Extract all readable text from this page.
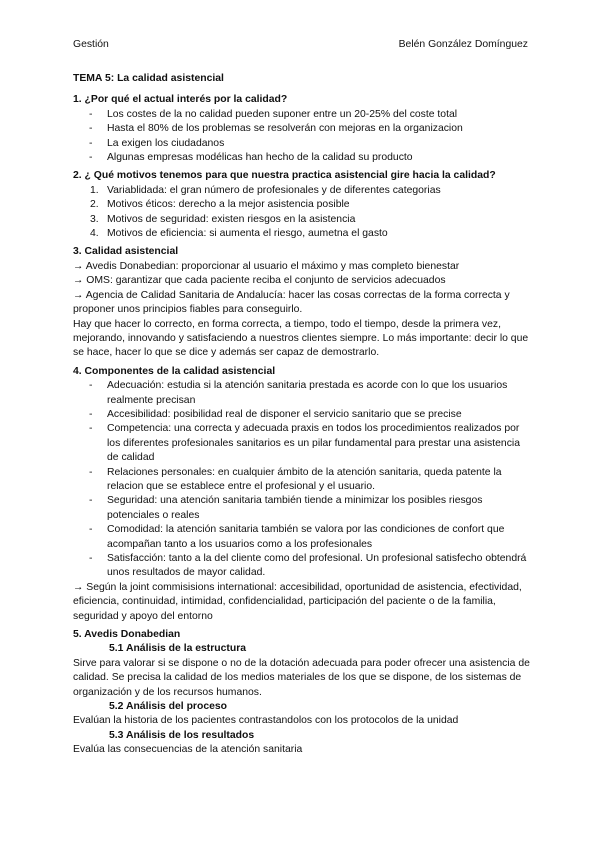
Gestión	Belén González Domínguez
TEMA 5: La calidad asistencial
1. ¿Por qué el actual interés por la calidad?
- Los costes de la no calidad pueden suponer entre un 20-25% del coste total
- Hasta el 80% de los problemas se resolverán con mejoras en la organizacion
- La exigen los ciudadanos
- Algunas empresas modélicas han hecho de la calidad su producto
2. ¿ Qué motivos tenemos para que nuestra practica asistencial gire hacia la calidad?
1. Variablidada: el gran número de profesionales y de diferentes categorias
2. Motivos éticos: derecho a la mejor asistencia posible
3. Motivos de seguridad: existen riesgos en la asistencia
4. Motivos de eficiencia: si aumenta el riesgo, aumetna el gasto
3. Calidad asistencial

→ Avedis Donabedian: proporcionar al usuario el máximo y mas completo bienestar

→ OMS: garantizar que cada paciente reciba el conjunto de servicios adecuados

→ Agencia de Calidad Sanitaria de Andalucía: hacer las cosas correctas de la forma correcta y proponer unos principios fiables para conseguirlo.

Hay que hacer lo correcto, en forma correcta, a tiempo, todo el tiempo, desde la primera vez, mejorando, innovando y satisfaciendo a nuestros clientes siempre. Lo más importante: decir lo que se hace, hacer lo que se dice y además ser capaz de demostrarlo.

4. Componentes de la calidad asistencial
- Adecuación: estudia si la atención sanitaria prestada es acorde con lo que los usuarios realmente precisan
- Accesibilidad: posibilidad real de disponer el servicio sanitario que se precise
- Competencia: una correcta y adecuada praxis en todos los procedimientos realizados por los diferentes profesionales sanitarios es un pilar fundamental para prestar una asistencia de calidad
- Relaciones personales: en cualquier ámbito de la atención sanitaria, queda patente la relacion que se establece entre el profesional y el usuario.
- Seguridad: una atención sanitaria también tiende a minimizar los posibles riesgos potenciales o reales
- Comodidad: la atención sanitaria también se valora por las condiciones de confort que acompañan tanto a los usuarios como a los profesionales
- Satisfacción: tanto a la del cliente como del profesional. Un profesional satisfecho obtendrá unos resultados de mayor calidad.

→ Según la joint commisisions international: accesibilidad, oportunidad de asistencia, efectividad, eficiencia, continuidad, intimidad, confidencialidad, participación del paciente o de la familia, seguridad y apoyo del entorno

5. Avedis Donabedian
5.1 Análisis de la estructura

Sirve para valorar si se dispone o no de la dotación adecuada para poder ofrecer una asistencia de calidad. Se precisa la calidad de los medios materiales de los que se dispone, de los sistemas de organización y de los recursos humanos.

5.2 Análisis del proceso

Evalúan la historia de los pacientes contrastandolos con los protocolos de la unidad

5.3 Análisis de los resultados

Evalúa las consecuencias de la atención sanitaria
